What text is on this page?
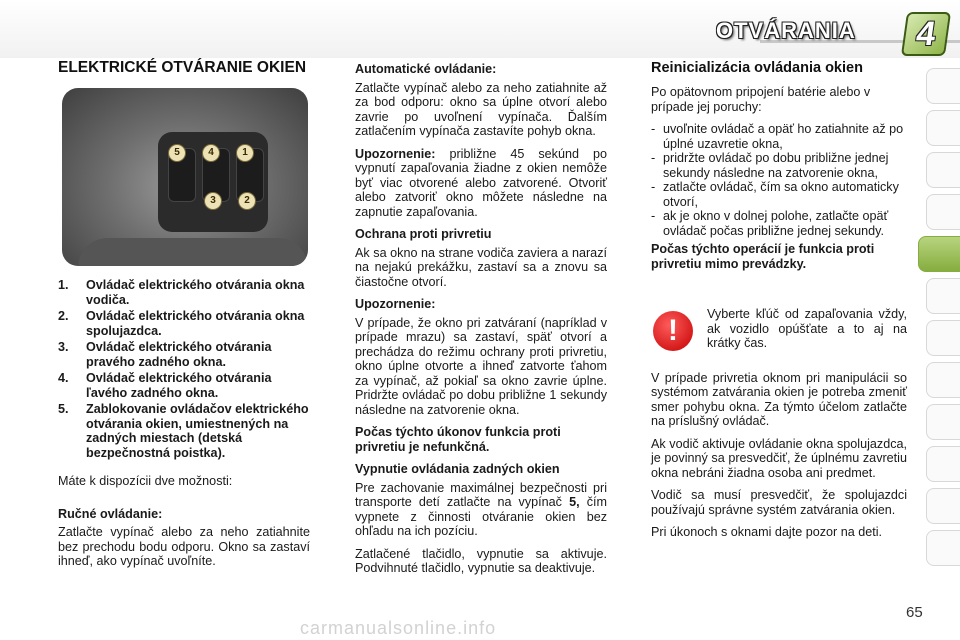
OTVÁRANIA	4
ELEKTRICKÉ OTVÁRANIE OKIEN
5	4	1
3	2
1.	Ovládač elektrického otvárania okna vodiča.
2.	Ovládač elektrického otvárania okna spolujazdca.
3.	Ovládač elektrického otvárania pravého zadného okna.
4.	Ovládač elektrického otvárania ľavého zadného okna.
5.	Zablokovanie ovládačov elektrického otvárania okien, umiestnených na zadných miestach (detská bezpečnostná poistka).

Máte k dispozícii dve možnosti:

Ručné ovládanie:

Zatlačte vypínač alebo za neho zatiahnite bez prechodu bodu odporu. Okno sa zastaví ihneď, ako vypínač uvoľníte.

Automatické ovládanie:

Zatlačte vypínač alebo za neho zatiahnite až za bod odporu: okno sa úplne otvorí alebo zavrie po uvoľnení vypínača. Ďalším zatlačením vypínača zastavíte pohyb okna.

Upozornenie: približne 45 sekúnd po vypnutí zapaľovania žiadne z okien nemôže byť viac otvorené alebo zatvorené. Otvoriť alebo zatvoriť okno môžete následne na zapnutie zapaľovania.

Ochrana proti privretiu

Ak sa okno na strane vodiča zaviera a narazí na nejakú prekážku, zastaví sa a znovu sa čiastočne otvorí.

Upozornenie:

V prípade, že okno pri zatváraní (napríklad v prípade mrazu) sa zastaví, späť otvorí a prechádza do režimu ochrany proti privretiu, okno úplne otvorte a ihneď zatvorte ťahom za vypínač, až pokiaľ sa okno zavrie úplne. Pridržte ovládač po dobu približne 1 sekundy následne na zatvorenie okna.

Počas týchto úkonov funkcia proti privretiu je nefunkčná.
Vypnutie ovládania zadných okien

Pre zachovanie maximálnej bezpečnosti pri transporte detí zatlačte na vypínač 5, čím vypnete z činnosti otváranie okien bez ohľadu na ich pozíciu.

Zatlačené tlačidlo, vypnutie sa aktivuje. Podvihnuté tlačidlo, vypnutie sa deaktivuje.

Reinicializácia ovládania okien

Po opätovnom pripojení batérie alebo v prípade jej poruchy:

- uvoľnite ovládač a opäť ho zatiahnite až po úplné uzavretie okna,
- pridržte ovládač po dobu približne jednej sekundy následne na zatvorenie okna,
- zatlačte ovládač, čím sa okno automaticky otvorí,
- ak je okno v dolnej polohe, zatlačte opäť ovládač počas približne jednej sekundy.
Počas týchto operácií je funkcia proti privretiu mimo prevádzky.
!	Vyberte kľúč od zapaľovania vždy, ak vozidlo opúšťate a to aj na krátky čas.

V prípade privretia oknom pri manipulácii so systémom zatvárania okien je potreba zmeniť smer pohybu okna. Za týmto účelom zatlačte na príslušný ovládač.

Ak vodič aktivuje ovládanie okna spolujazdca, je povinný sa presvedčiť, že úplnému zavretiu okna nebráni žiadna osoba ani predmet.

Vodič sa musí presvedčiť, že spolujazdci používajú správne systém zatvárania okien.

Pri úkonoch s oknami dajte pozor na deti.

65
carmanualsonline.info
